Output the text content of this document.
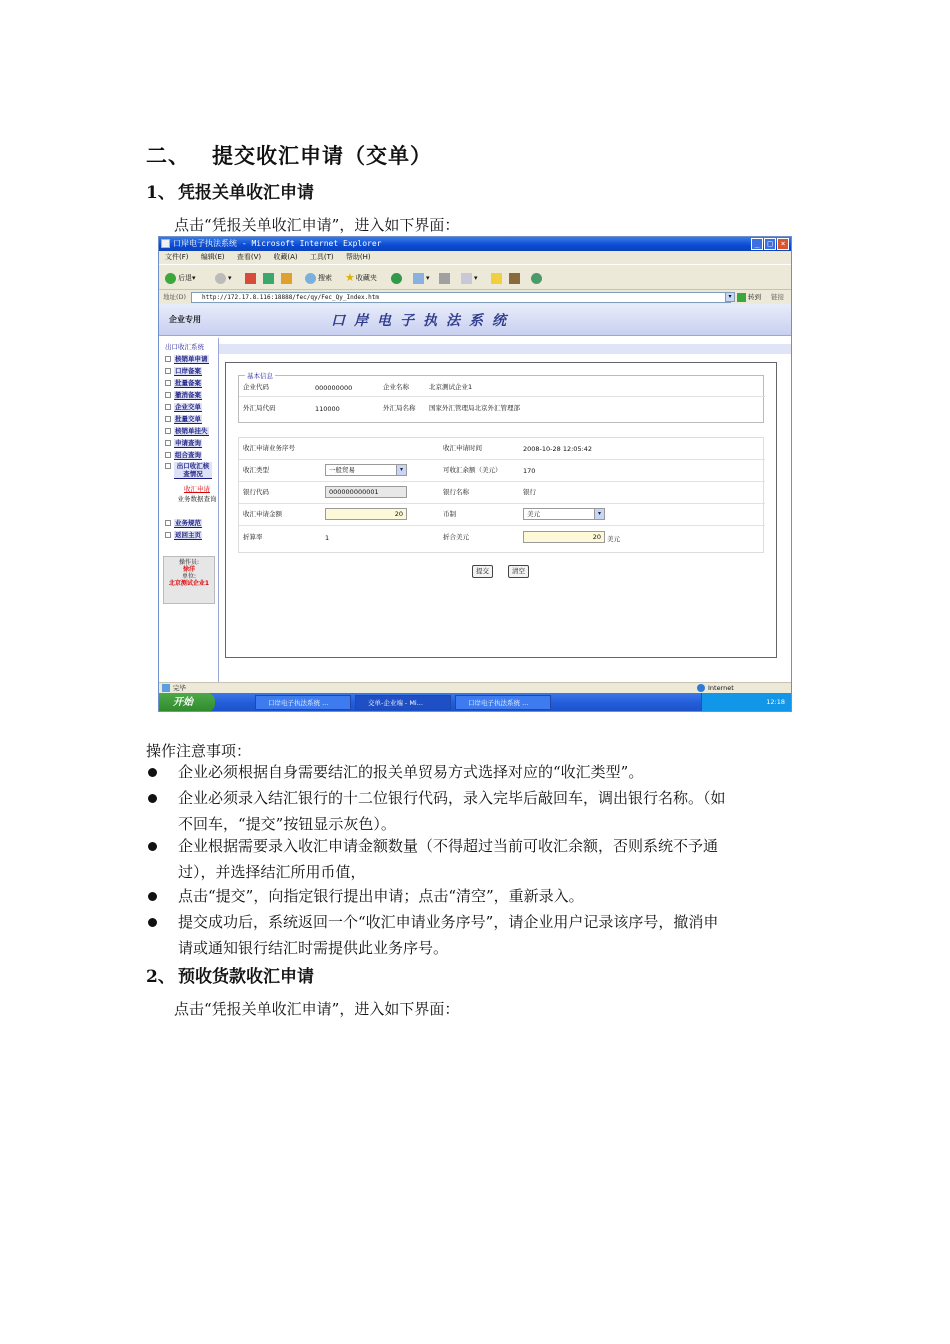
二、 提交收汇申请（交单）
1、 凭报关单收汇申请
点击“凭报关单收汇申请”，进入如下界面：
口岸电子执法系统 - Microsoft Internet Explorer	_	□	×
文件(F) 编辑(E) 查看(V) 收藏(A) 工具(T) 帮助(H)
后退 ▾	▾	搜索 ★ 收藏夹	▾	▾
地址(D)	http://172.17.8.116:18888/fec/qy/Fec_Qy_Index.htm	▾	转到 链接
企业专用	口岸电子执法系统
出口收汇系统
核销单申请
口岸备案
批量备案
撤消备案
企业交单
批量交单
核销单挂失
申请查询
组合查询
出口收汇核查情况
收汇申请
业务数据查询
业务规范
返回主页
操作员:
徐洋
单位:
北京测试企业1
基本信息
企业代码	000000000	企业名称	北京测试企业1
外汇局代码	110000	外汇局名称 国家外汇管理局北京外汇管理部
收汇申请业务序号	收汇申请时间	2008-10-28 12:05:42
收汇类型	一般贸易	▾	可收汇余额（美元）	170
银行代码	000000000001	银行名称	银行
收汇申请金额	20	币制	美元	▾
折算率	1	折合美元	20 美元
提交	清空
完毕	Internet
开始	口岸电子执法系统 ...	交单-企业端 - Mi...	口岸电子执法系统 ...	12:18
操作注意事项：
企业必须根据自身需要结汇的报关单贸易方式选择对应的“收汇类型”。
企业必须录入结汇银行的十二位银行代码，录入完毕后敲回车，调出银行名称。（如
不回车，“提交”按钮显示灰色）。
企业根据需要录入收汇申请金额数量（不得超过当前可收汇余额，否则系统不予通
过），并选择结汇所用币值，
点击“提交”，向指定银行提出申请；点击“清空”，重新录入。
提交成功后，系统返回一个“收汇申请业务序号”，请企业用户记录该序号，撤消申
请或通知银行结汇时需提供此业务序号。
2、 预收货款收汇申请
点击“凭报关单收汇申请”，进入如下界面：
